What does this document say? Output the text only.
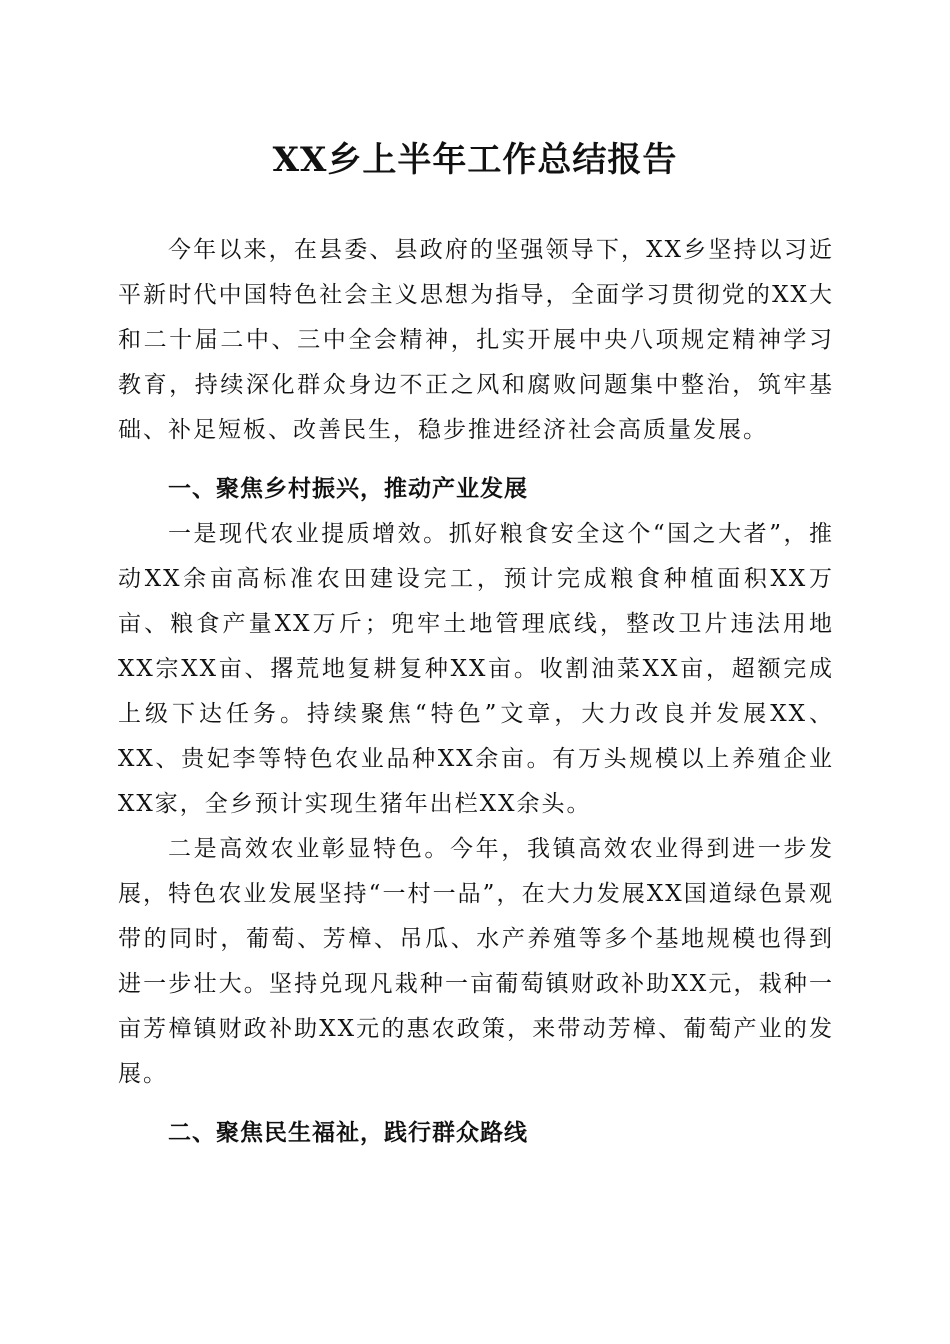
XX乡上半年工作总结报告

今年以来，在县委、县政府的坚强领导下，XX乡坚持以习近平新时代中国特色社会主义思想为指导，全面学习贯彻党的XX大和二十届二中、三中全会精神，扎实开展中央八项规定精神学习教育，持续深化群众身边不正之风和腐败问题集中整治，筑牢基础、补足短板、改善民生，稳步推进经济社会高质量发展。

一、聚焦乡村振兴，推动产业发展

一是现代农业提质增效。抓好粮食安全这个“国之大者”，推动XX余亩高标准农田建设完工，预计完成粮食种植面积XX万亩、粮食产量XX万斤；兜牢土地管理底线，整改卫片违法用地XX宗XX亩、撂荒地复耕复种XX亩。收割油菜XX亩，超额完成上级下达任务。持续聚焦“特色”文章，大力改良并发展XX、XX、贵妃李等特色农业品种XX余亩。有万头规模以上养殖企业XX家，全乡预计实现生猪年出栏XX余头。

二是高效农业彰显特色。今年，我镇高效农业得到进一步发展，特色农业发展坚持“一村一品”，在大力发展XX国道绿色景观带的同时，葡萄、芳樟、吊瓜、水产养殖等多个基地规模也得到进一步壮大。坚持兑现凡栽种一亩葡萄镇财政补助XX元，栽种一亩芳樟镇财政补助XX元的惠农政策，来带动芳樟、葡萄产业的发展。

二、聚焦民生福祉，践行群众路线
